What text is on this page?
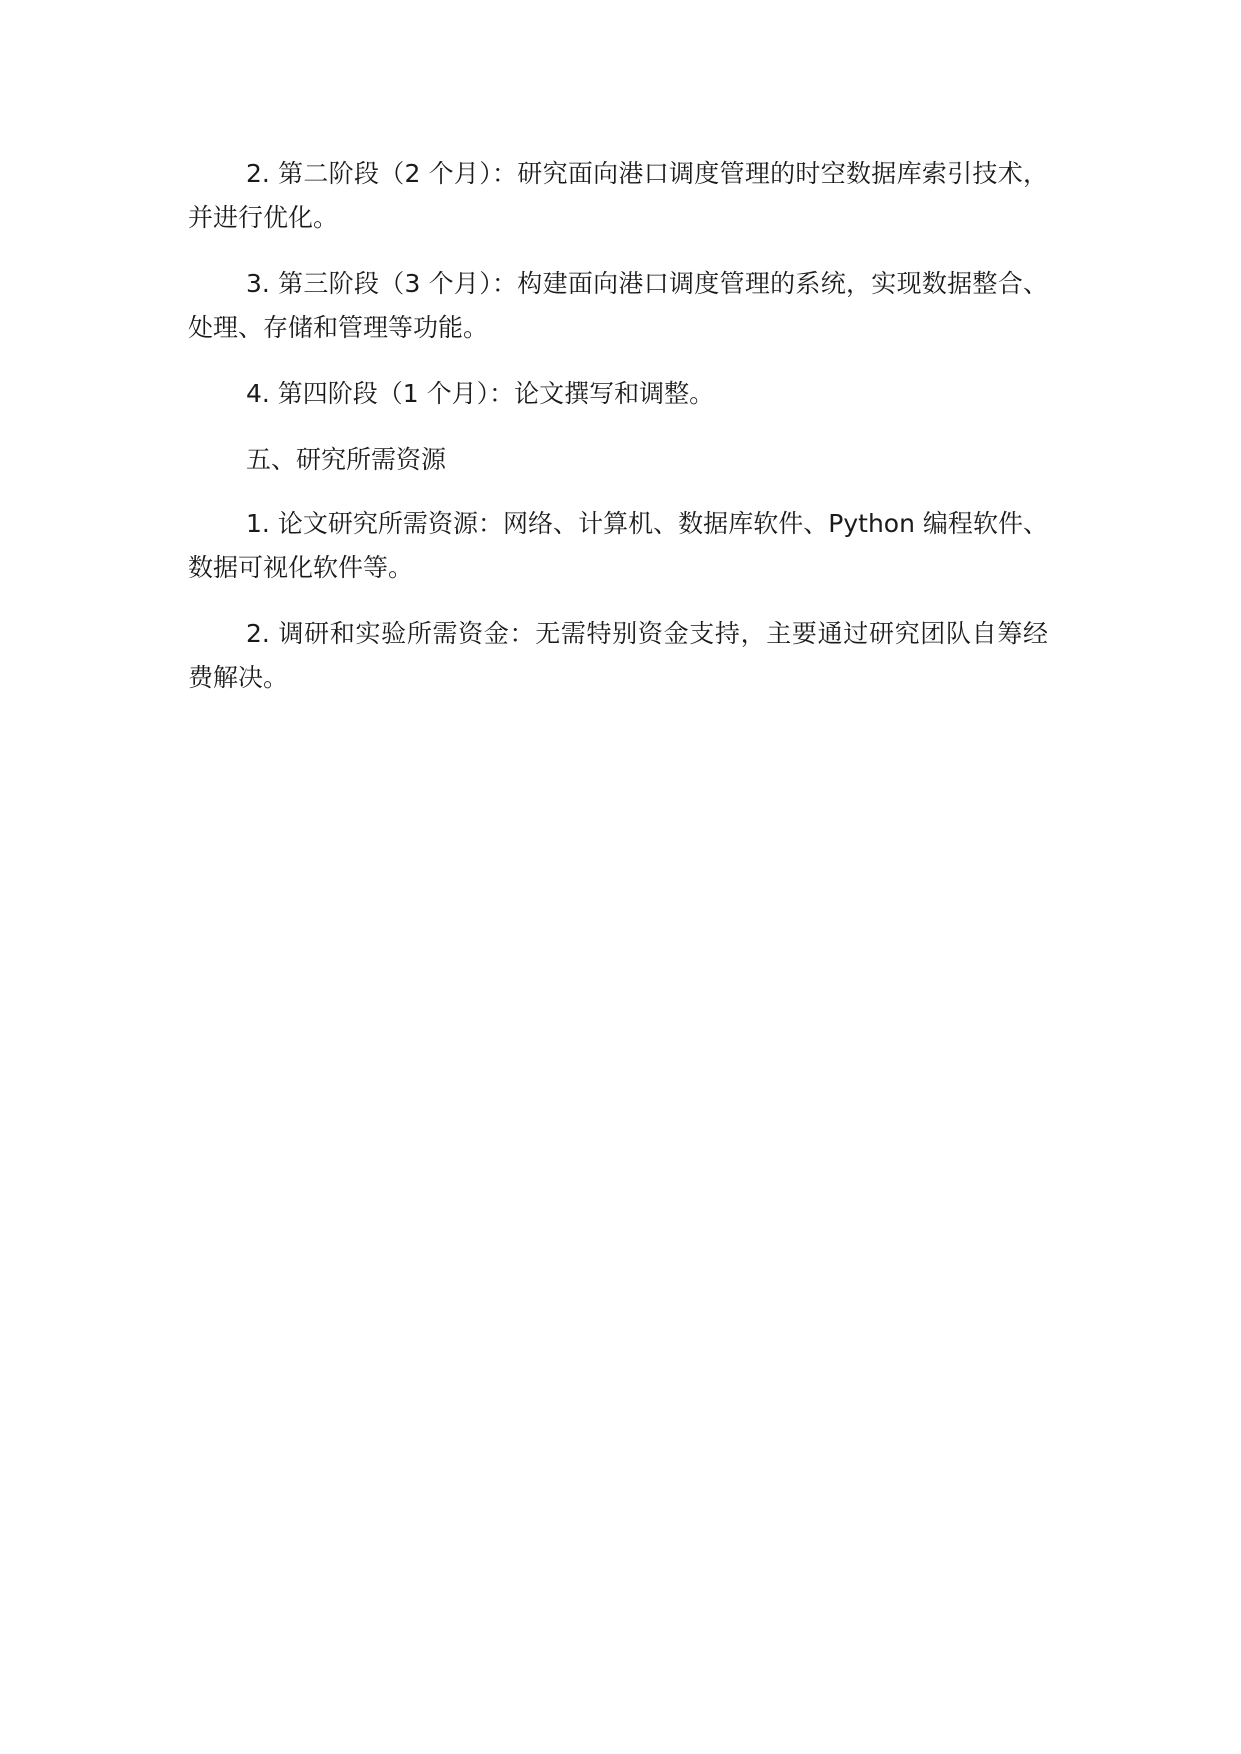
2. 第二阶段（2 个月）：研究面向港口调度管理的时空数据库索引技术，并进行优化。

3. 第三阶段（3 个月）：构建面向港口调度管理的系统，实现数据整合、处理、存储和管理等功能。

4. 第四阶段（1 个月）：论文撰写和调整。

五、研究所需资源

1. 论文研究所需资源：网络、计算机、数据库软件、Python 编程软件、数据可视化软件等。

2. 调研和实验所需资金：无需特别资金支持，主要通过研究团队自筹经费解决。
